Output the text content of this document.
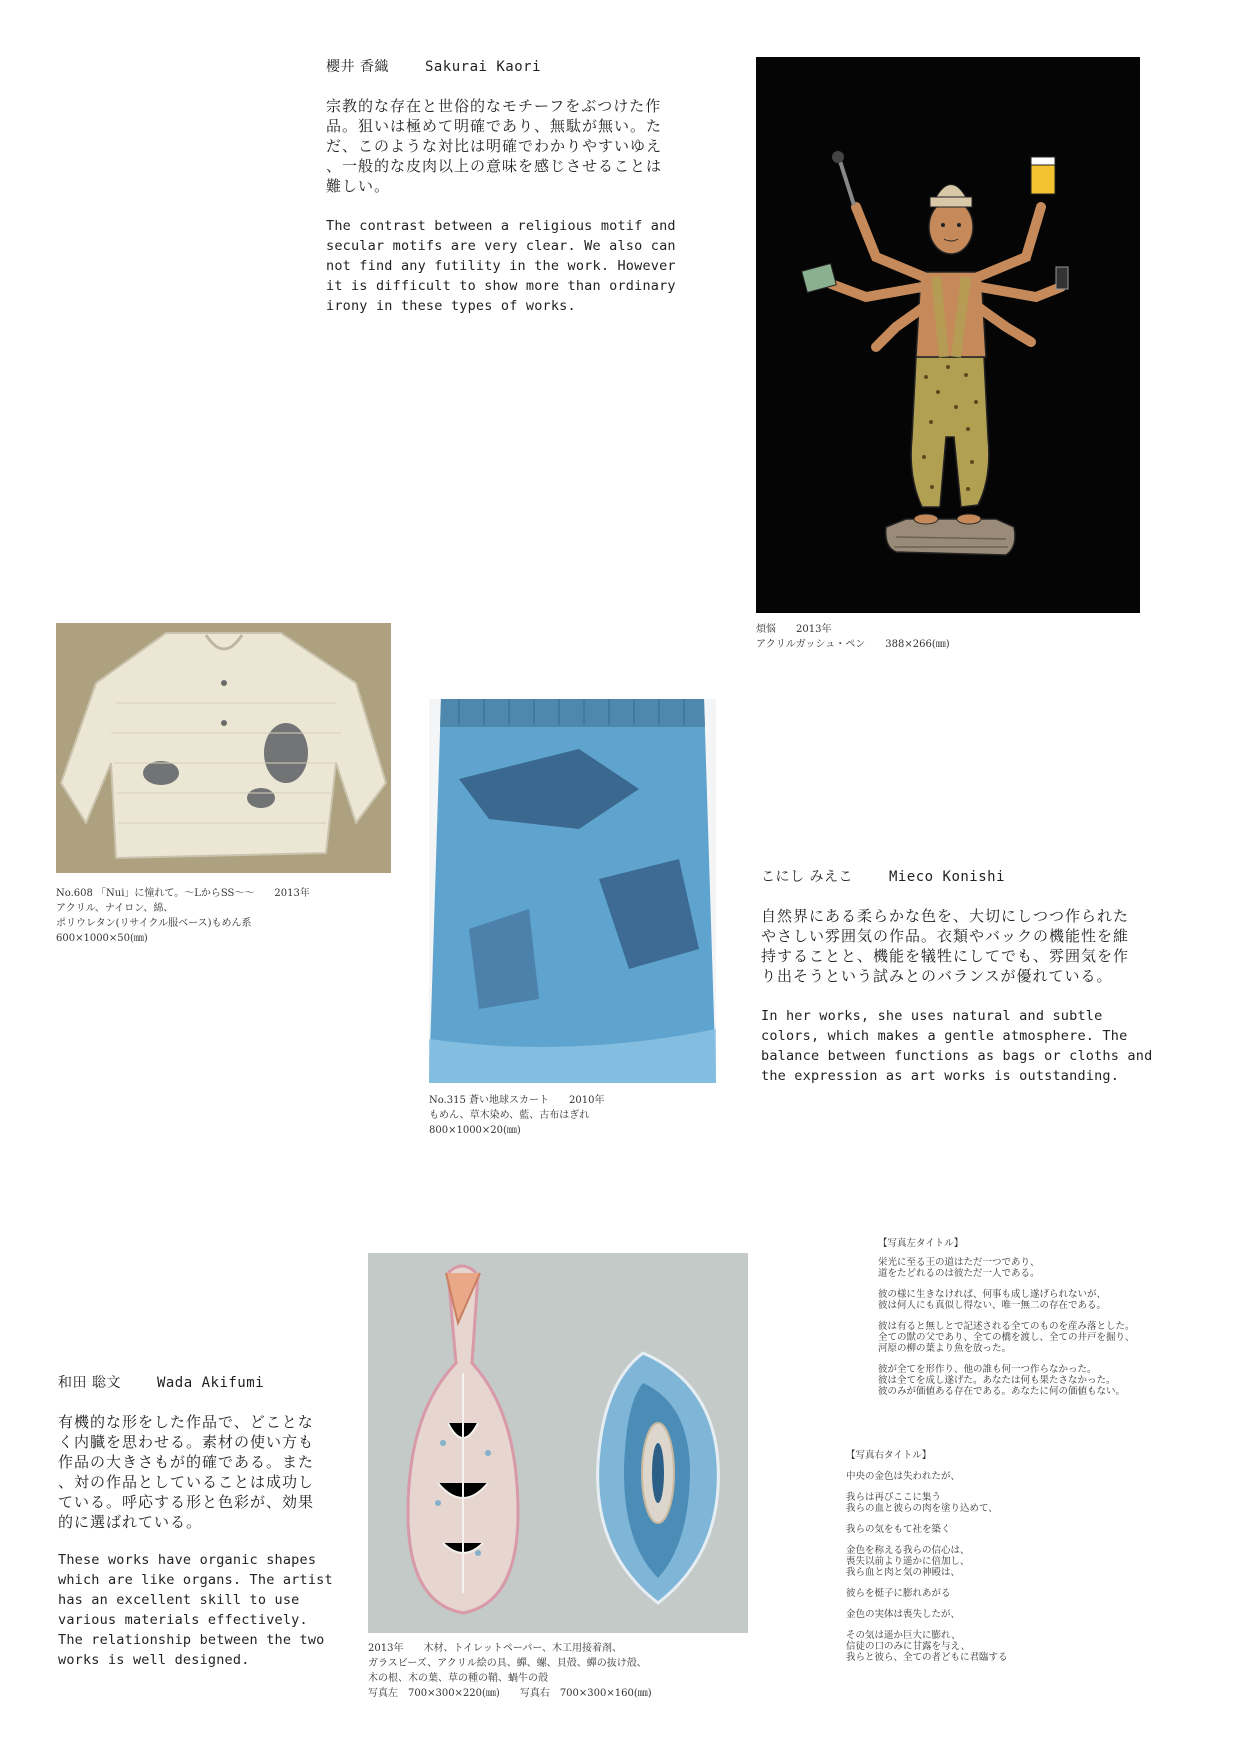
櫻井 香織	Sakurai Kaori
宗教的な存在と世俗的なモチーフをぶつけた作
品。狙いは極めて明確であり、無駄が無い。た
だ、このような対比は明確でわかりやすいゆえ
、一般的な皮肉以上の意味を感じさせることは
難しい。
The contrast between a religious motif and
secular motifs are very clear. We also can
not find any futility in the work. However
it is difficult to show more than ordinary
irony in these types of works.
煩悩　　2013年
アクリルガッシュ・ペン　　388×266(㎜)
No.608 「Nui」に憧れて。～LからSS～～　　2013年
アクリル、ナイロン、綿、
ポリウレタン(リサイクル服ベース)もめん系
600×1000×50(㎜)
No.315 蒼い地球スカート　　2010年
もめん、草木染め、藍、古布はぎれ
800×1000×20(㎜)
こにし みえこ	Mieco Konishi
自然界にある柔らかな色を、大切にしつつ作られた
やさしい雰囲気の作品。衣類やバックの機能性を維
持することと、機能を犠牲にしてでも、雰囲気を作
り出そうという試みとのバランスが優れている。
In her works, she uses natural and subtle
colors, which makes a gentle atmosphere. The
balance between functions as bags or cloths and
the expression as art works is outstanding.
和田 聡文	Wada Akifumi
有機的な形をした作品で、どことな
く内臓を思わせる。素材の使い方も
作品の大きさもが的確である。また
、対の作品としていることは成功し
ている。呼応する形と色彩が、効果
的に選ばれている。
These works have organic shapes
which are like organs. The artist
has an excellent skill to use
various materials effectively.
The relationship between the two
works is well designed.
2013年　　木材、トイレットペーパー、木工用接着剤、
ガラスビーズ、アクリル絵の具、蟬、螺、貝殻、蟬の抜け殻、
木の根、木の葉、草の種の鞘、蝸牛の殻
写真左　700×300×220(㎜)　　写真右　700×300×160(㎜)
【写真左タイトル】
栄光に至る王の道はただ一つであり、
道をたどれるのは彼ただ一人である。
彼の様に生きなければ、何事も成し遂げられないが、
彼は何人にも真似し得ない、唯一無二の存在である。
彼は有ると無しとで記述される全てのものを産み落とした。
全ての獣の父であり、全ての橋を渡し、全ての井戸を掘り、
河原の柳の葉より魚を放った。
彼が全てを形作り、他の誰も何一つ作らなかった。
彼は全てを成し遂げた。あなたは何も果たさなかった。
彼のみが価値ある存在である。あなたに何の価値もない。
【写真右タイトル】
中央の金色は失われたが、
我らは再びここに集う
我らの血と彼らの肉を塗り込めて、
我らの気をもて社を築く
金色を称える我らの信心は、
喪失以前より遥かに倍加し、
我ら血と肉と気の神殿は、
彼らを梃子に膨れあがる
金色の実体は喪失したが、
その気は遥か巨大に膨れ、
信徒の口のみに甘露を与え、
我らと彼ら、全ての者どもに君臨する
